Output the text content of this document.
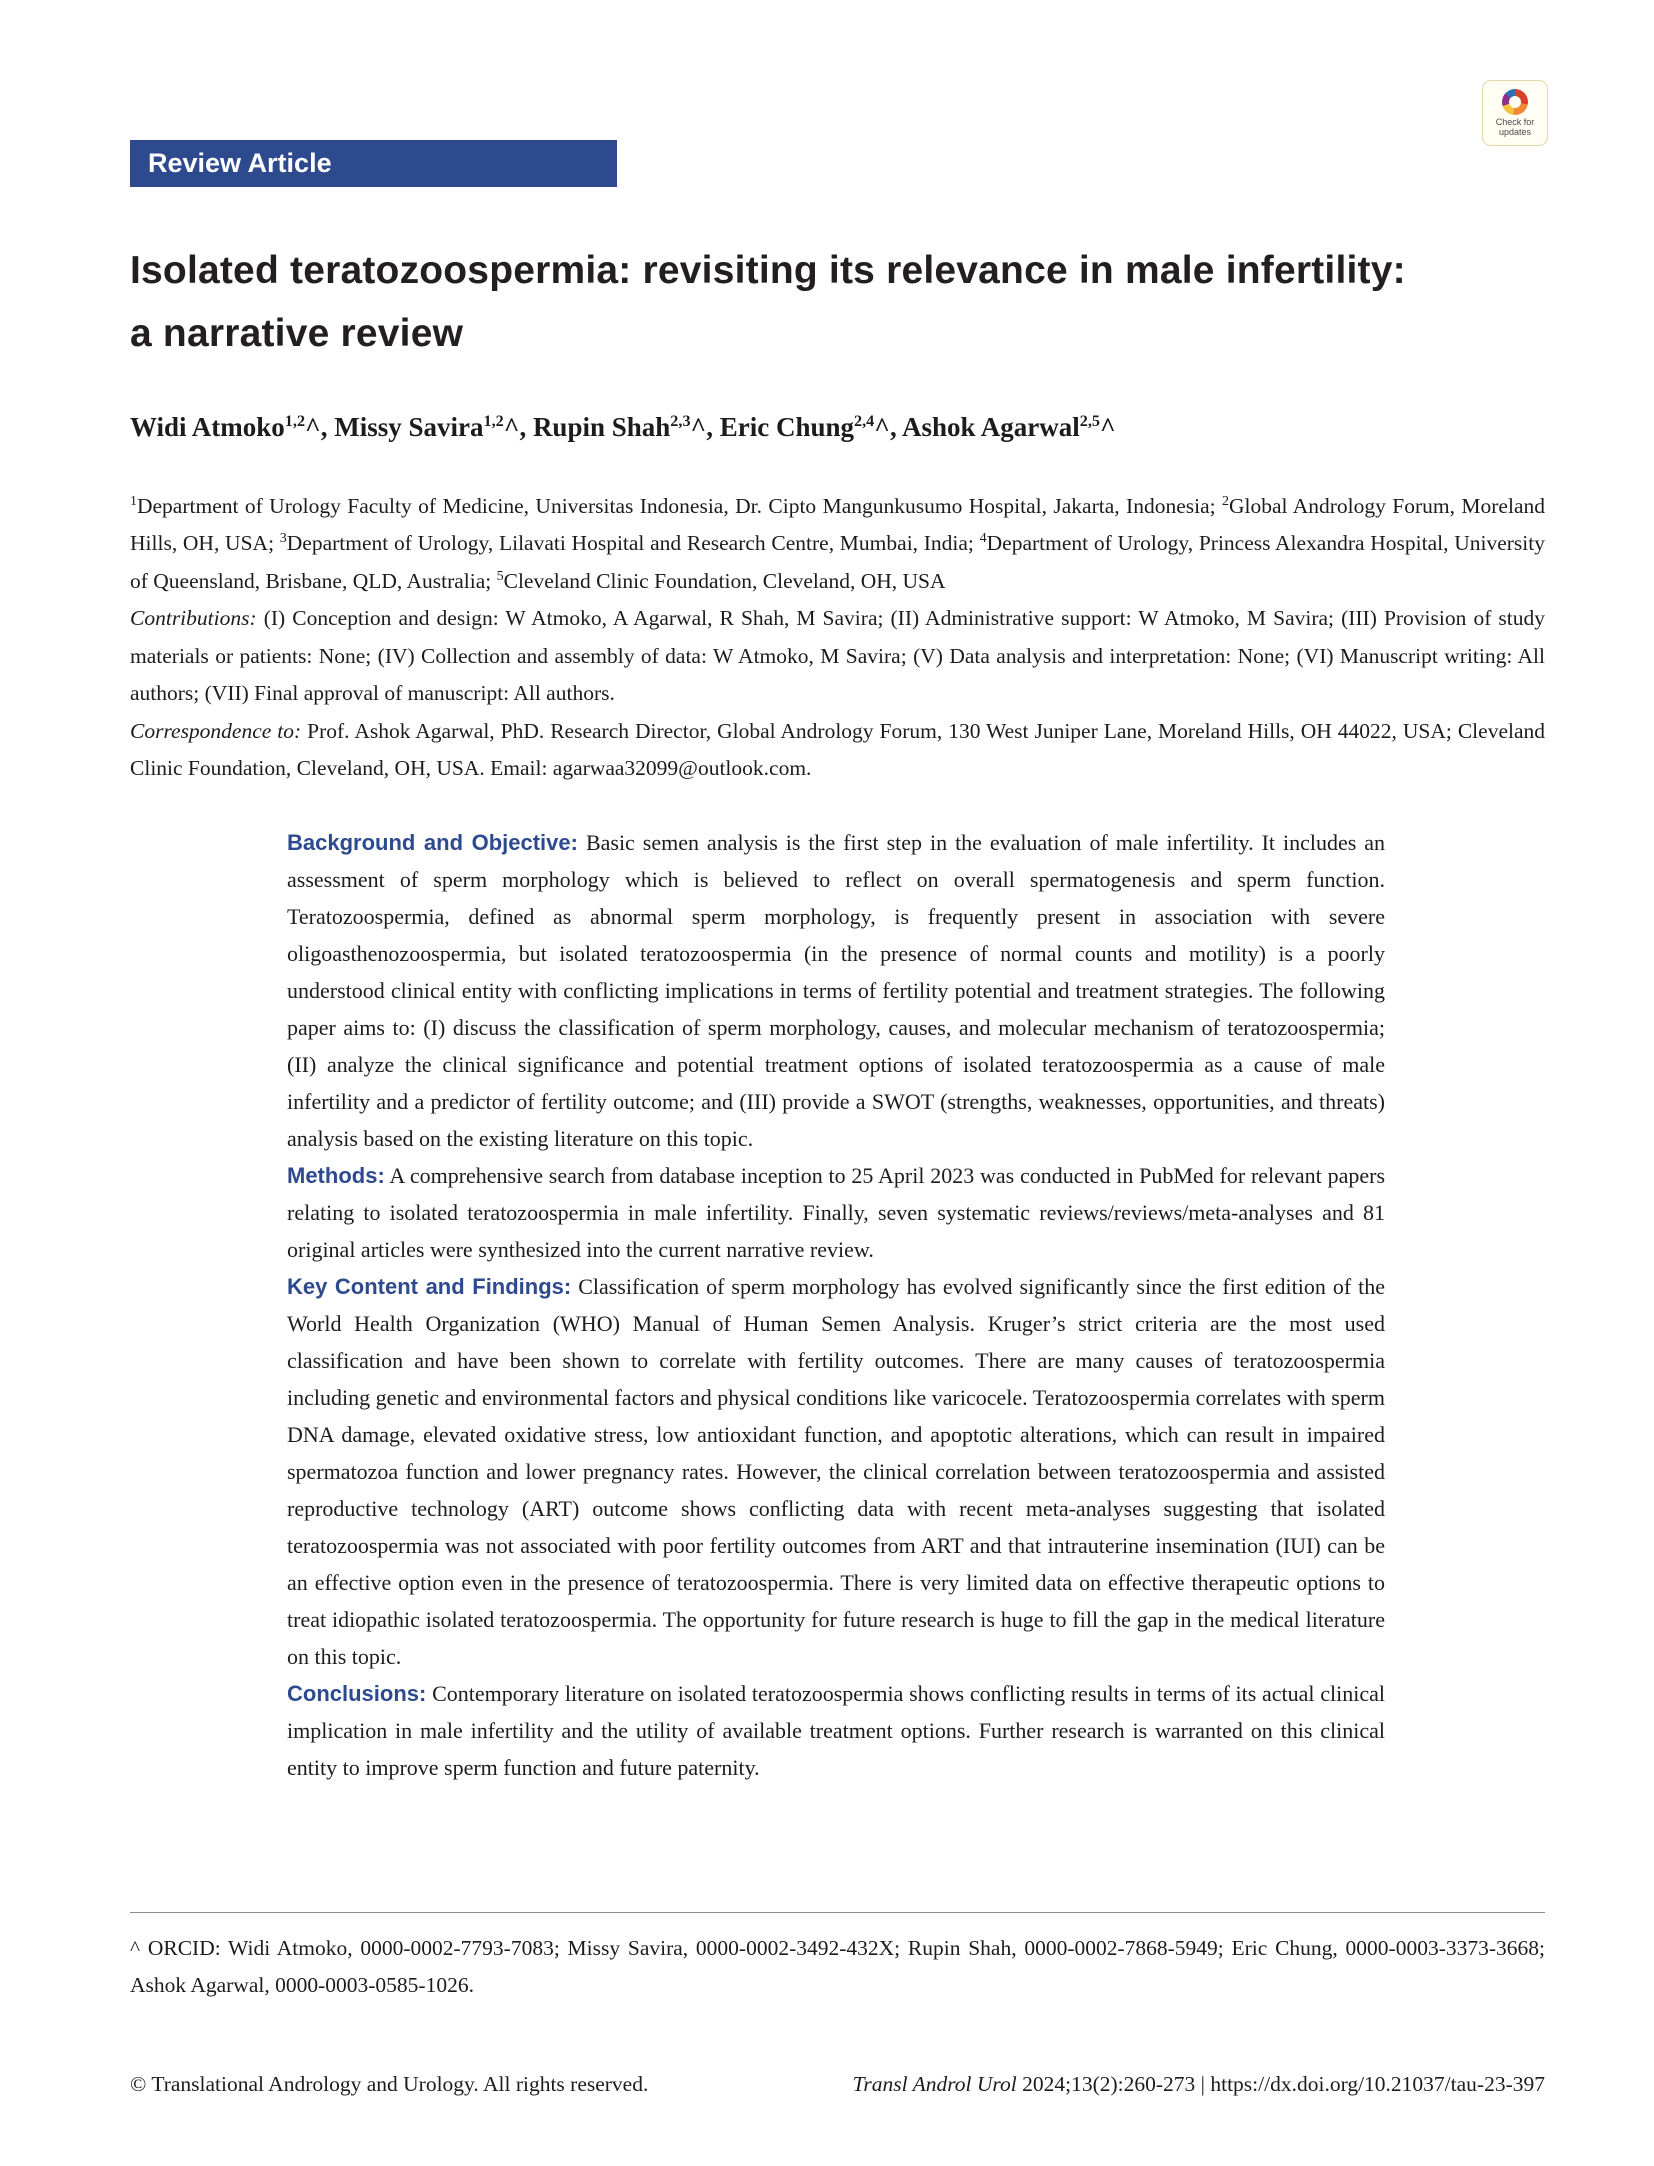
Check for updates
Review Article
Isolated teratozoospermia: revisiting its relevance in male infertility: a narrative review

Widi Atmoko$^{1,2}$^, Missy Savira$^{1,2}$^, Rupin Shah$^{2,3}$^, Eric Chung$^{2,4}$^, Ashok Agarwal$^{2,5}$^

$^1$Department of Urology Faculty of Medicine, Universitas Indonesia, Dr. Cipto Mangunkusumo Hospital, Jakarta, Indonesia; $^2$Global Andrology Forum, Moreland Hills, OH, USA; $^3$Department of Urology, Lilavati Hospital and Research Centre, Mumbai, India; $^4$Department of Urology, Princess Alexandra Hospital, University of Queensland, Brisbane, QLD, Australia; $^5$Cleveland Clinic Foundation, Cleveland, OH, USA

Contributions: (I) Conception and design: W Atmoko, A Agarwal, R Shah, M Savira; (II) Administrative support: W Atmoko, M Savira; (III) Provision of study materials or patients: None; (IV) Collection and assembly of data: W Atmoko, M Savira; (V) Data analysis and interpretation: None; (VI) Manuscript writing: All authors; (VII) Final approval of manuscript: All authors.

Correspondence to: Prof. Ashok Agarwal, PhD. Research Director, Global Andrology Forum, 130 West Juniper Lane, Moreland Hills, OH 44022, USA; Cleveland Clinic Foundation, Cleveland, OH, USA. Email: agarwaa32099@outlook.com.

Background and Objective: Basic semen analysis is the first step in the evaluation of male infertility. It includes an assessment of sperm morphology which is believed to reflect on overall spermatogenesis and sperm function. Teratozoospermia, defined as abnormal sperm morphology, is frequently present in association with severe oligoasthenozoospermia, but isolated teratozoospermia (in the presence of normal counts and motility) is a poorly understood clinical entity with conflicting implications in terms of fertility potential and treatment strategies. The following paper aims to: (I) discuss the classification of sperm morphology, causes, and molecular mechanism of teratozoospermia; (II) analyze the clinical significance and potential treatment options of isolated teratozoospermia as a cause of male infertility and a predictor of fertility outcome; and (III) provide a SWOT (strengths, weaknesses, opportunities, and threats) analysis based on the existing literature on this topic.

Methods: A comprehensive search from database inception to 25 April 2023 was conducted in PubMed for relevant papers relating to isolated teratozoospermia in male infertility. Finally, seven systematic reviews/reviews/meta-analyses and 81 original articles were synthesized into the current narrative review.

Key Content and Findings: Classification of sperm morphology has evolved significantly since the first edition of the World Health Organization (WHO) Manual of Human Semen Analysis. Kruger’s strict criteria are the most used classification and have been shown to correlate with fertility outcomes. There are many causes of teratozoospermia including genetic and environmental factors and physical conditions like varicocele. Teratozoospermia correlates with sperm DNA damage, elevated oxidative stress, low antioxidant function, and apoptotic alterations, which can result in impaired spermatozoa function and lower pregnancy rates. However, the clinical correlation between teratozoospermia and assisted reproductive technology (ART) outcome shows conflicting data with recent meta-analyses suggesting that isolated teratozoospermia was not associated with poor fertility outcomes from ART and that intrauterine insemination (IUI) can be an effective option even in the presence of teratozoospermia. There is very limited data on effective therapeutic options to treat idiopathic isolated teratozoospermia. The opportunity for future research is huge to fill the gap in the medical literature on this topic.

Conclusions: Contemporary literature on isolated teratozoospermia shows conflicting results in terms of its actual clinical implication in male infertility and the utility of available treatment options. Further research is warranted on this clinical entity to improve sperm function and future paternity.

^ ORCID: Widi Atmoko, 0000-0002-7793-7083; Missy Savira, 0000-0002-3492-432X; Rupin Shah, 0000-0002-7868-5949; Eric Chung, 0000-0003-3373-3668; Ashok Agarwal, 0000-0003-0585-1026.

© Translational Andrology and Urology. All rights reserved.	Transl Androl Urol 2024;13(2):260-273 | https://dx.doi.org/10.21037/tau-23-397
